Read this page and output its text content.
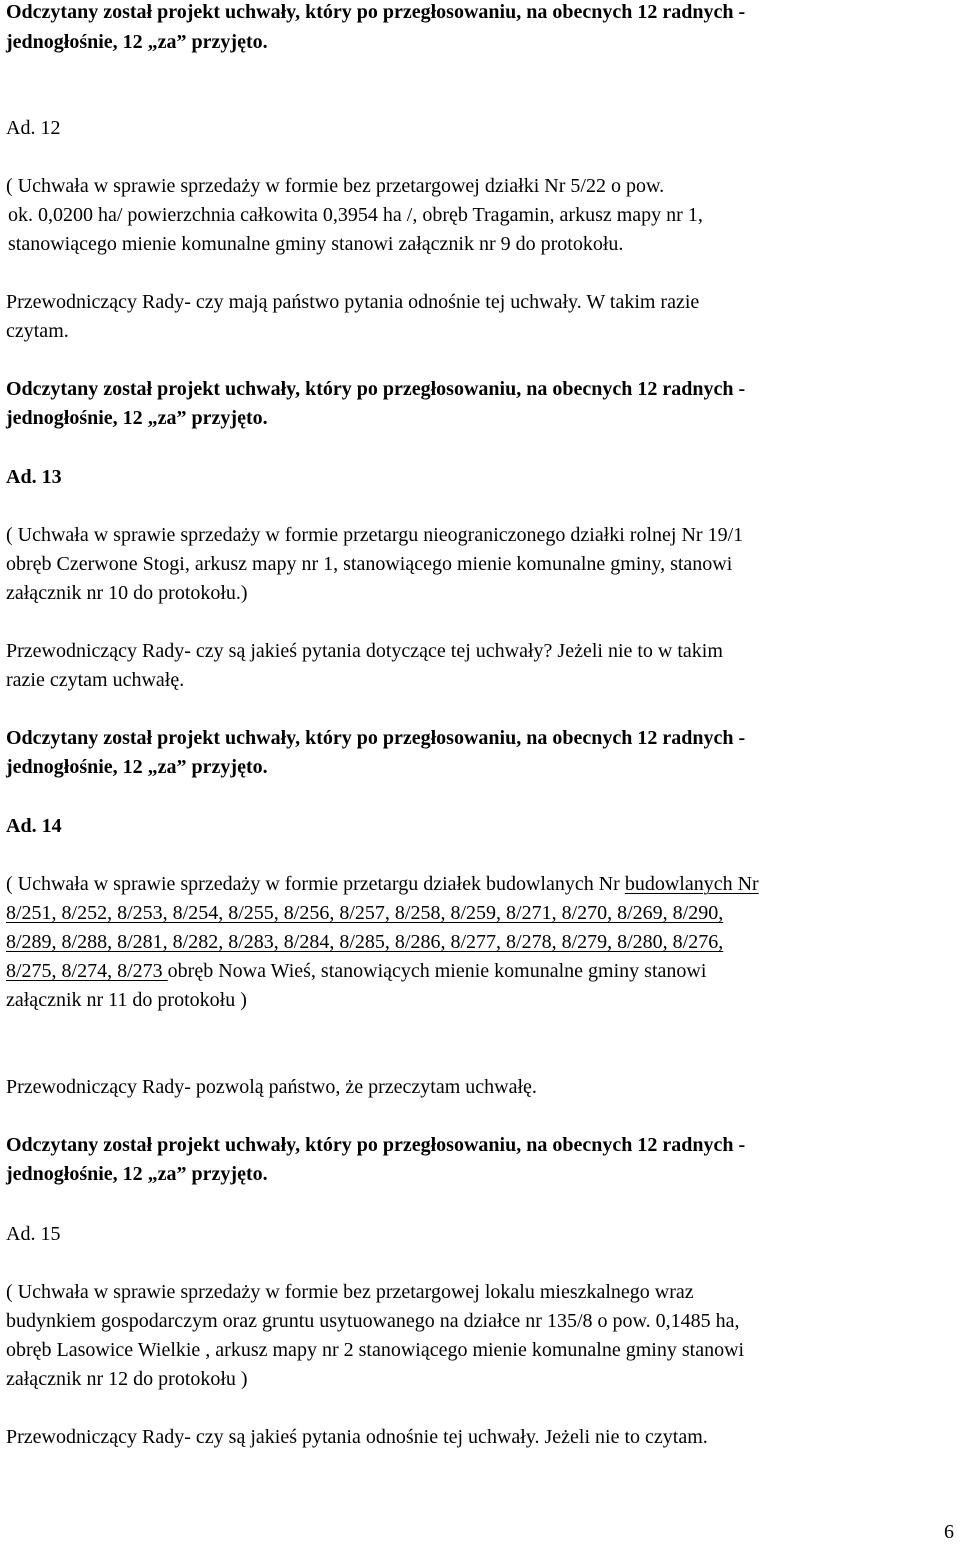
Odczytany został projekt uchwały, który po przegłosowaniu, na obecnych 12 radnych -
jednogłośnie, 12 „za” przyjęto.
Ad. 12
( Uchwała w sprawie sprzedaży w formie bez przetargowej działki Nr 5/22 o pow.
ok. 0,0200 ha/ powierzchnia całkowita 0,3954 ha /, obręb Tragamin, arkusz mapy nr 1,
stanowiącego mienie komunalne gminy stanowi załącznik nr 9 do protokołu.
Przewodniczący Rady- czy mają państwo pytania odnośnie tej uchwały. W takim razie
czytam.
Odczytany został projekt uchwały, który po przegłosowaniu, na obecnych 12 radnych -
jednogłośnie, 12 „za” przyjęto.
Ad. 13
( Uchwała w sprawie sprzedaży w formie przetargu nieograniczonego działki rolnej Nr 19/1
obręb Czerwone Stogi, arkusz mapy nr 1, stanowiącego mienie komunalne gminy, stanowi
załącznik nr 10 do protokołu.)
Przewodniczący Rady- czy są jakieś pytania dotyczące tej uchwały? Jeżeli nie to w takim
razie czytam uchwałę.
Odczytany został projekt uchwały, który po przegłosowaniu, na obecnych 12 radnych -
jednogłośnie, 12 „za” przyjęto.
Ad. 14
( Uchwała w sprawie sprzedaży w formie przetargu działek budowlanych Nr budowlanych Nr
8/251, 8/252, 8/253, 8/254, 8/255, 8/256, 8/257, 8/258, 8/259, 8/271, 8/270, 8/269, 8/290,
8/289, 8/288, 8/281, 8/282, 8/283, 8/284, 8/285, 8/286, 8/277, 8/278, 8/279, 8/280, 8/276,
8/275, 8/274, 8/273 obręb Nowa Wieś, stanowiących mienie komunalne gminy stanowi
załącznik nr 11 do protokołu )
Przewodniczący Rady- pozwolą państwo, że przeczytam uchwałę.
Odczytany został projekt uchwały, który po przegłosowaniu, na obecnych 12 radnych -
jednogłośnie, 12 „za” przyjęto.
Ad. 15
( Uchwała w sprawie sprzedaży w formie bez przetargowej lokalu mieszkalnego wraz
budynkiem gospodarczym oraz gruntu usytuowanego na działce nr 135/8 o pow. 0,1485 ha,
obręb Lasowice Wielkie , arkusz mapy nr 2 stanowiącego mienie komunalne gminy stanowi
załącznik nr 12 do protokołu )
Przewodniczący Rady- czy są jakieś pytania odnośnie tej uchwały. Jeżeli nie to czytam.
6
